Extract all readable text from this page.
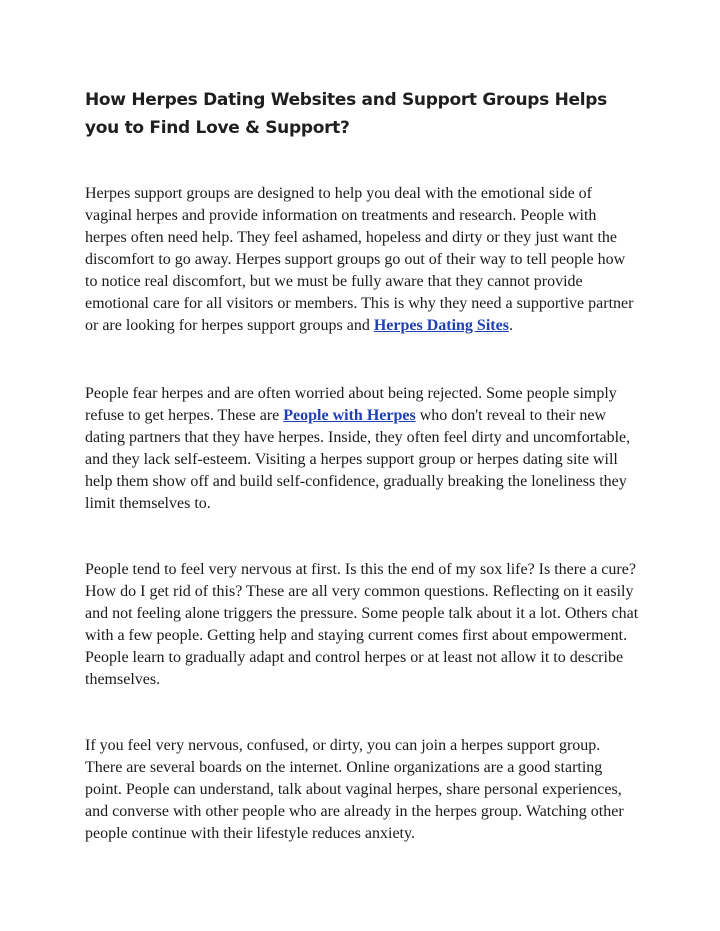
How Herpes Dating Websites and Support Groups Helps you to Find Love & Support?

Herpes support groups are designed to help you deal with the emotional side of vaginal herpes and provide information on treatments and research. People with herpes often need help. They feel ashamed, hopeless and dirty or they just want the discomfort to go away. Herpes support groups go out of their way to tell people how to notice real discomfort, but we must be fully aware that they cannot provide emotional care for all visitors or members. This is why they need a supportive partner or are looking for herpes support groups and Herpes Dating Sites.

People fear herpes and are often worried about being rejected. Some people simply refuse to get herpes. These are People with Herpes who don't reveal to their new dating partners that they have herpes. Inside, they often feel dirty and uncomfortable, and they lack self-esteem. Visiting a herpes support group or herpes dating site will help them show off and build self-confidence, gradually breaking the loneliness they limit themselves to.

People tend to feel very nervous at first. Is this the end of my sox life? Is there a cure? How do I get rid of this? These are all very common questions. Reflecting on it easily and not feeling alone triggers the pressure. Some people talk about it a lot. Others chat with a few people. Getting help and staying current comes first about empowerment. People learn to gradually adapt and control herpes or at least not allow it to describe themselves.

If you feel very nervous, confused, or dirty, you can join a herpes support group. There are several boards on the internet. Online organizations are a good starting point. People can understand, talk about vaginal herpes, share personal experiences, and converse with other people who are already in the herpes group. Watching other people continue with their lifestyle reduces anxiety.
